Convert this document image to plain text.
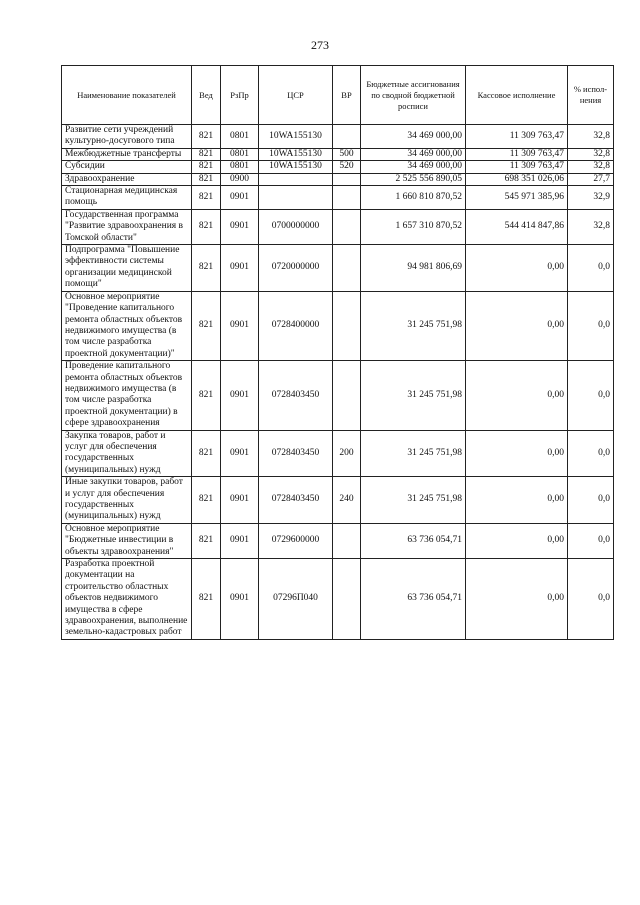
273
Наименование показателей	Вед	РзПр	ЦСР	ВР	Бюджетные ассигнования по сводной бюджетной росписи	Кассовое исполнение	% испол-нения
Развитие сети учреждений культурно-досугового типа	821	0801	10WA155130		34 469 000,00	11 309 763,47	32,8
Межбюджетные трансферты	821	0801	10WA155130	500	34 469 000,00	11 309 763,47	32,8
Субсидии	821	0801	10WA155130	520	34 469 000,00	11 309 763,47	32,8
Здравоохранение	821	0900			2 525 556 890,05	698 351 026,06	27,7
Стационарная медицинская помощь	821	0901			1 660 810 870,52	545 971 385,96	32,9
Государственная программа "Развитие здравоохранения в Томской области"	821	0901	0700000000		1 657 310 870,52	544 414 847,86	32,8
Подпрограмма "Повышение эффективности системы организации медицинской помощи"	821	0901	0720000000		94 981 806,69	0,00	0,0
Основное мероприятие "Проведение капитального ремонта областных объектов недвижимого имущества (в том числе разработка проектной документации)"	821	0901	0728400000		31 245 751,98	0,00	0,0
Проведение капитального ремонта областных объектов недвижимого имущества (в том числе разработка проектной документации) в сфере здравоохранения	821	0901	0728403450		31 245 751,98	0,00	0,0
Закупка товаров, работ и услуг для обеспечения государственных (муниципальных) нужд	821	0901	0728403450	200	31 245 751,98	0,00	0,0
Иные закупки товаров, работ и услуг для обеспечения государственных (муниципальных) нужд	821	0901	0728403450	240	31 245 751,98	0,00	0,0
Основное мероприятие "Бюджетные инвестиции в объекты здравоохранения"	821	0901	0729600000		63 736 054,71	0,00	0,0
Разработка проектной документации на строительство областных объектов недвижимого имущества в сфере здравоохранения, выполнение земельно-кадастровых работ	821	0901	07296П040		63 736 054,71	0,00	0,0
